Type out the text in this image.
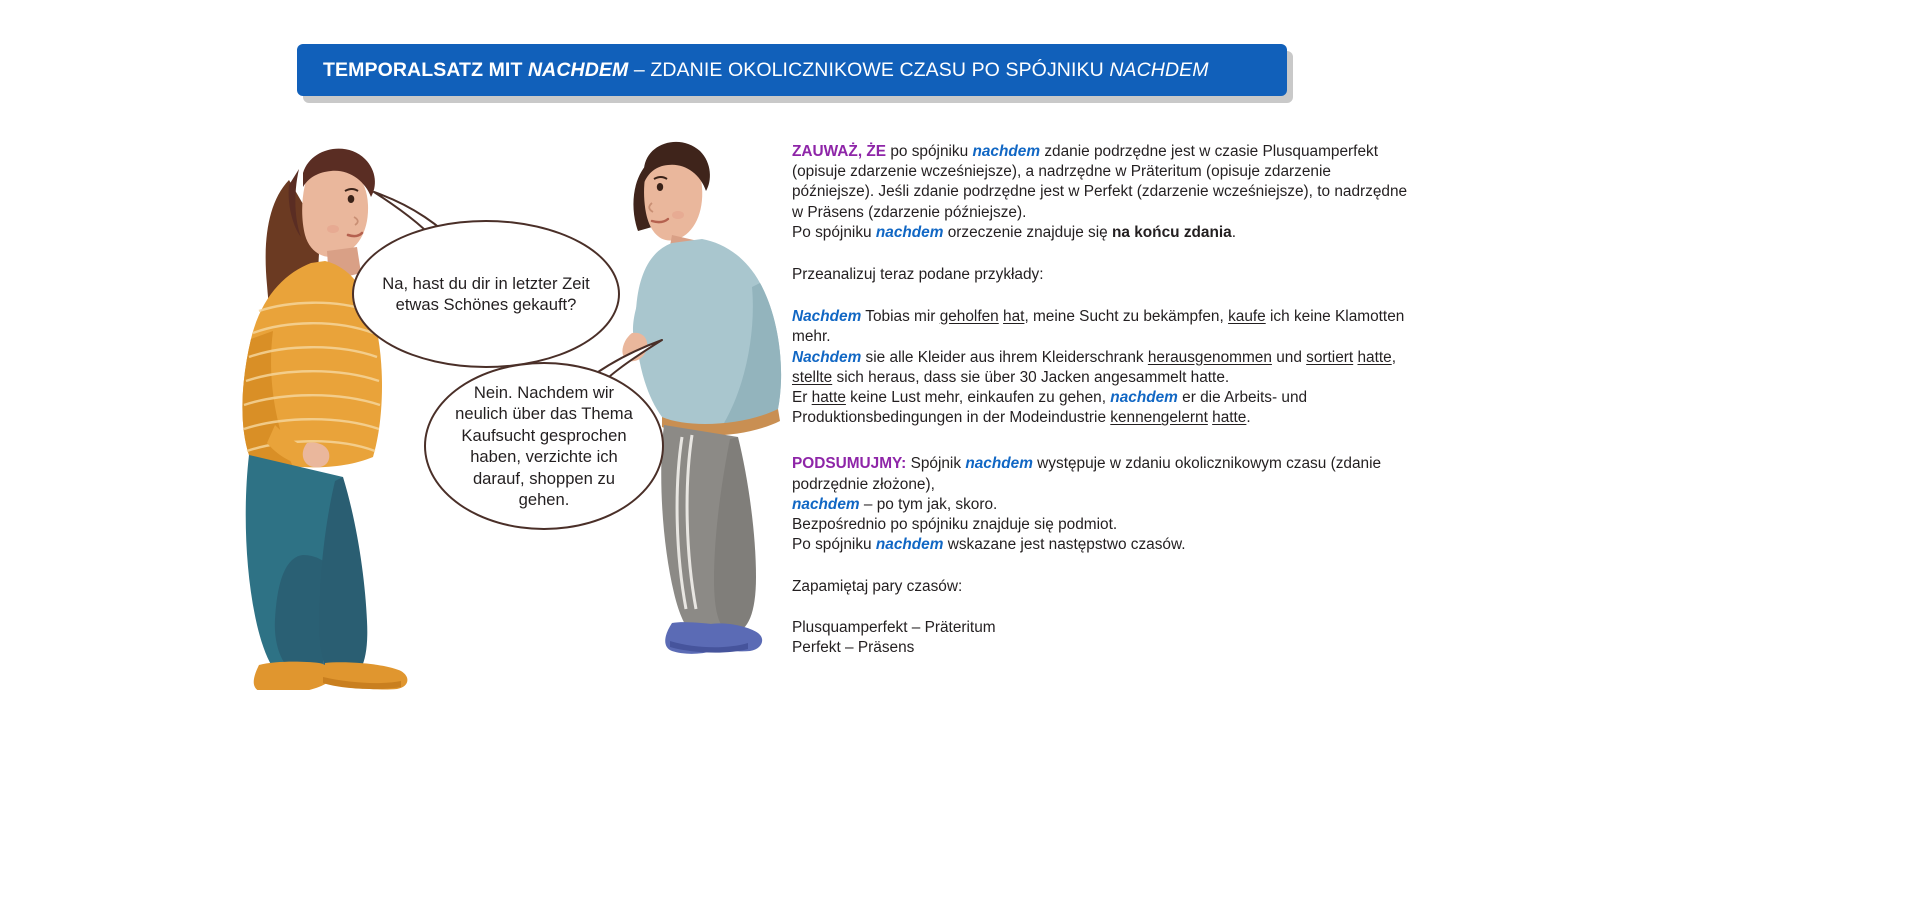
TEMPORALSATZ MIT NACHDEM – ZDANIE OKOLICZNIKOWE CZASU PO SPÓJNIKU NACHDEM
Na, hast du dir in letzter Zeit etwas Schönes gekauft?
Nein. Nachdem wir neulich über das Thema Kaufsucht gesprochen haben, verzichte ich darauf, shoppen zu gehen.

ZAUWAŻ, ŻE po spójniku nachdem zdanie podrzędne jest w czasie Plusquamperfekt (opisuje zdarzenie wcześniejsze), a nadrzędne w Präteritum (opisuje zdarzenie późniejsze). Jeśli zdanie podrzędne jest w Perfekt (zdarzenie wcześniejsze), to nadrzędne w Präsens (zdarzenie późniejsze).

Po spójniku nachdem orzeczenie znajduje się na końcu zdania.

Przeanalizuj teraz podane przykłady:

Nachdem Tobias mir geholfen hat, meine Sucht zu bekämpfen, kaufe ich keine Klamotten mehr.

Nachdem sie alle Kleider aus ihrem Kleiderschrank herausgenommen und sortiert hatte, stellte sich heraus, dass sie über 30 Jacken angesammelt hatte.

Er hatte keine Lust mehr, einkaufen zu gehen, nachdem er die Arbeits- und Produktionsbedingungen in der Modeindustrie kennengelernt hatte.

PODSUMUJMY: Spójnik nachdem występuje w zdaniu okolicznikowym czasu (zdanie podrzędnie złożone),

nachdem – po tym jak, skoro.

Bezpośrednio po spójniku znajduje się podmiot.

Po spójniku nachdem wskazane jest następstwo czasów.

Zapamiętaj pary czasów:

Plusquamperfekt – Präteritum

Perfekt – Präsens
